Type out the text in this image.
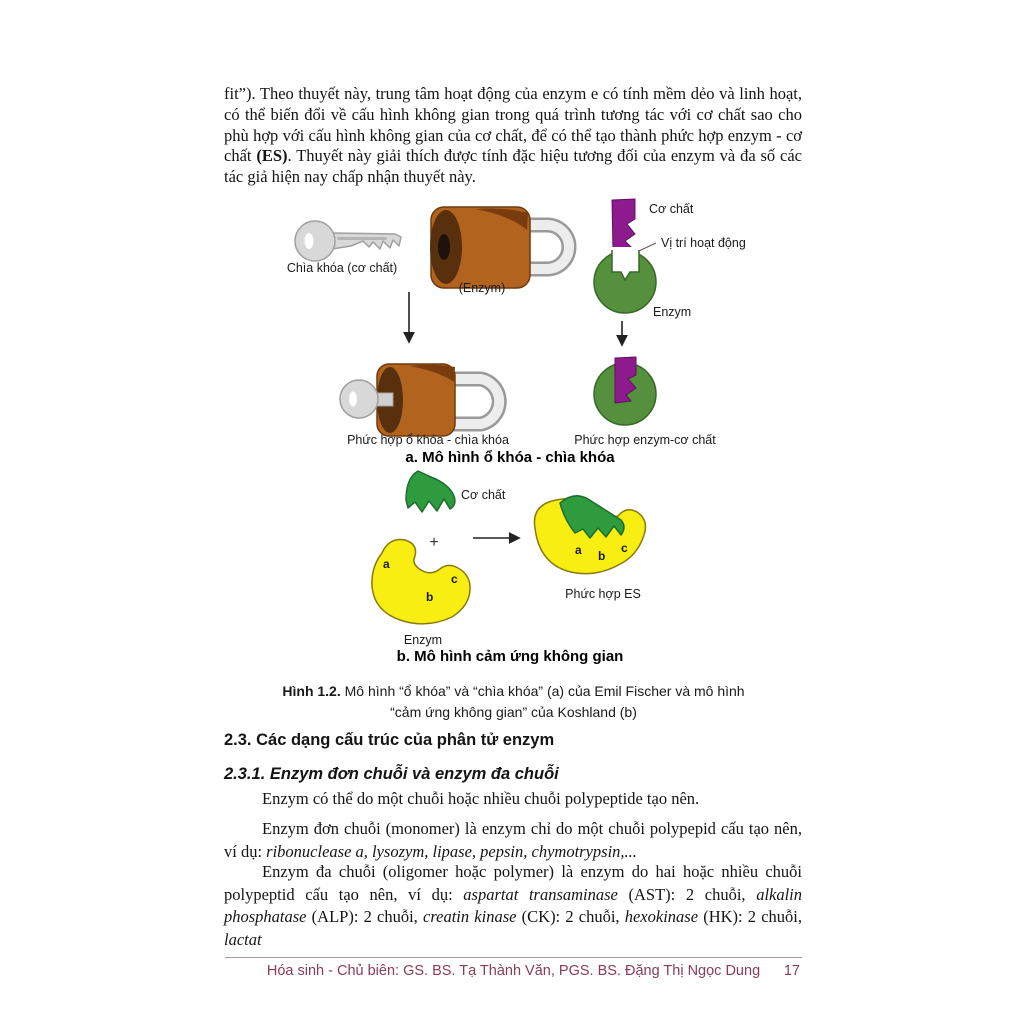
fit”). Theo thuyết này, trung tâm hoạt động của enzym e có tính mềm dẻo và linh hoạt, có thể biến đổi về cấu hình không gian trong quá trình tương tác với cơ chất sao cho phù hợp với cấu hình không gian của cơ chất, để có thể tạo thành phức hợp enzym - cơ chất (ES). Thuyết này giải thích được tính đặc hiệu tương đối của enzym và đa số các tác giả hiện nay chấp nhận thuyết này.
Chìa khóa (cơ chất)
(Enzym)
Cơ chất
Vị trí hoạt động
Enzym
Phức hợp ổ khóa - chìa khóa	Phức hợp enzym-cơ chất
a. Mô hình ổ khóa - chìa khóa
Cơ chất
+
a
b
c
Enzym
a b
c
Phức hợp ES
b. Mô hình cảm ứng không gian
Hình 1.2. Mô hình “ổ khóa” và “chìa khóa” (a) của Emil Fischer và mô hình
“cảm ứng không gian” của Koshland (b)
2.3. Các dạng cấu trúc của phân tử enzym
2.3.1. Enzym đơn chuỗi và enzym đa chuỗi
Enzym có thể do một chuỗi hoặc nhiều chuỗi polypeptide tạo nên.
Enzym đơn chuỗi (monomer) là enzym chỉ do một chuỗi polypepid cấu tạo nên, ví dụ: ribonuclease a, lysozym, lipase, pepsin, chymotrypsin,...
Enzym đa chuỗi (oligomer hoặc polymer) là enzym do hai hoặc nhiều chuỗi polypeptid cấu tạo nên, ví dụ: aspartat transaminase (AST): 2 chuỗi, alkalin phosphatase (ALP): 2 chuỗi, creatin kinase (CK): 2 chuỗi, hexokinase (HK): 2 chuỗi, lactat
Hóa sinh - Chủ biên: GS. BS. Tạ Thành Văn, PGS. BS. Đặng Thị Ngọc Dung 17
